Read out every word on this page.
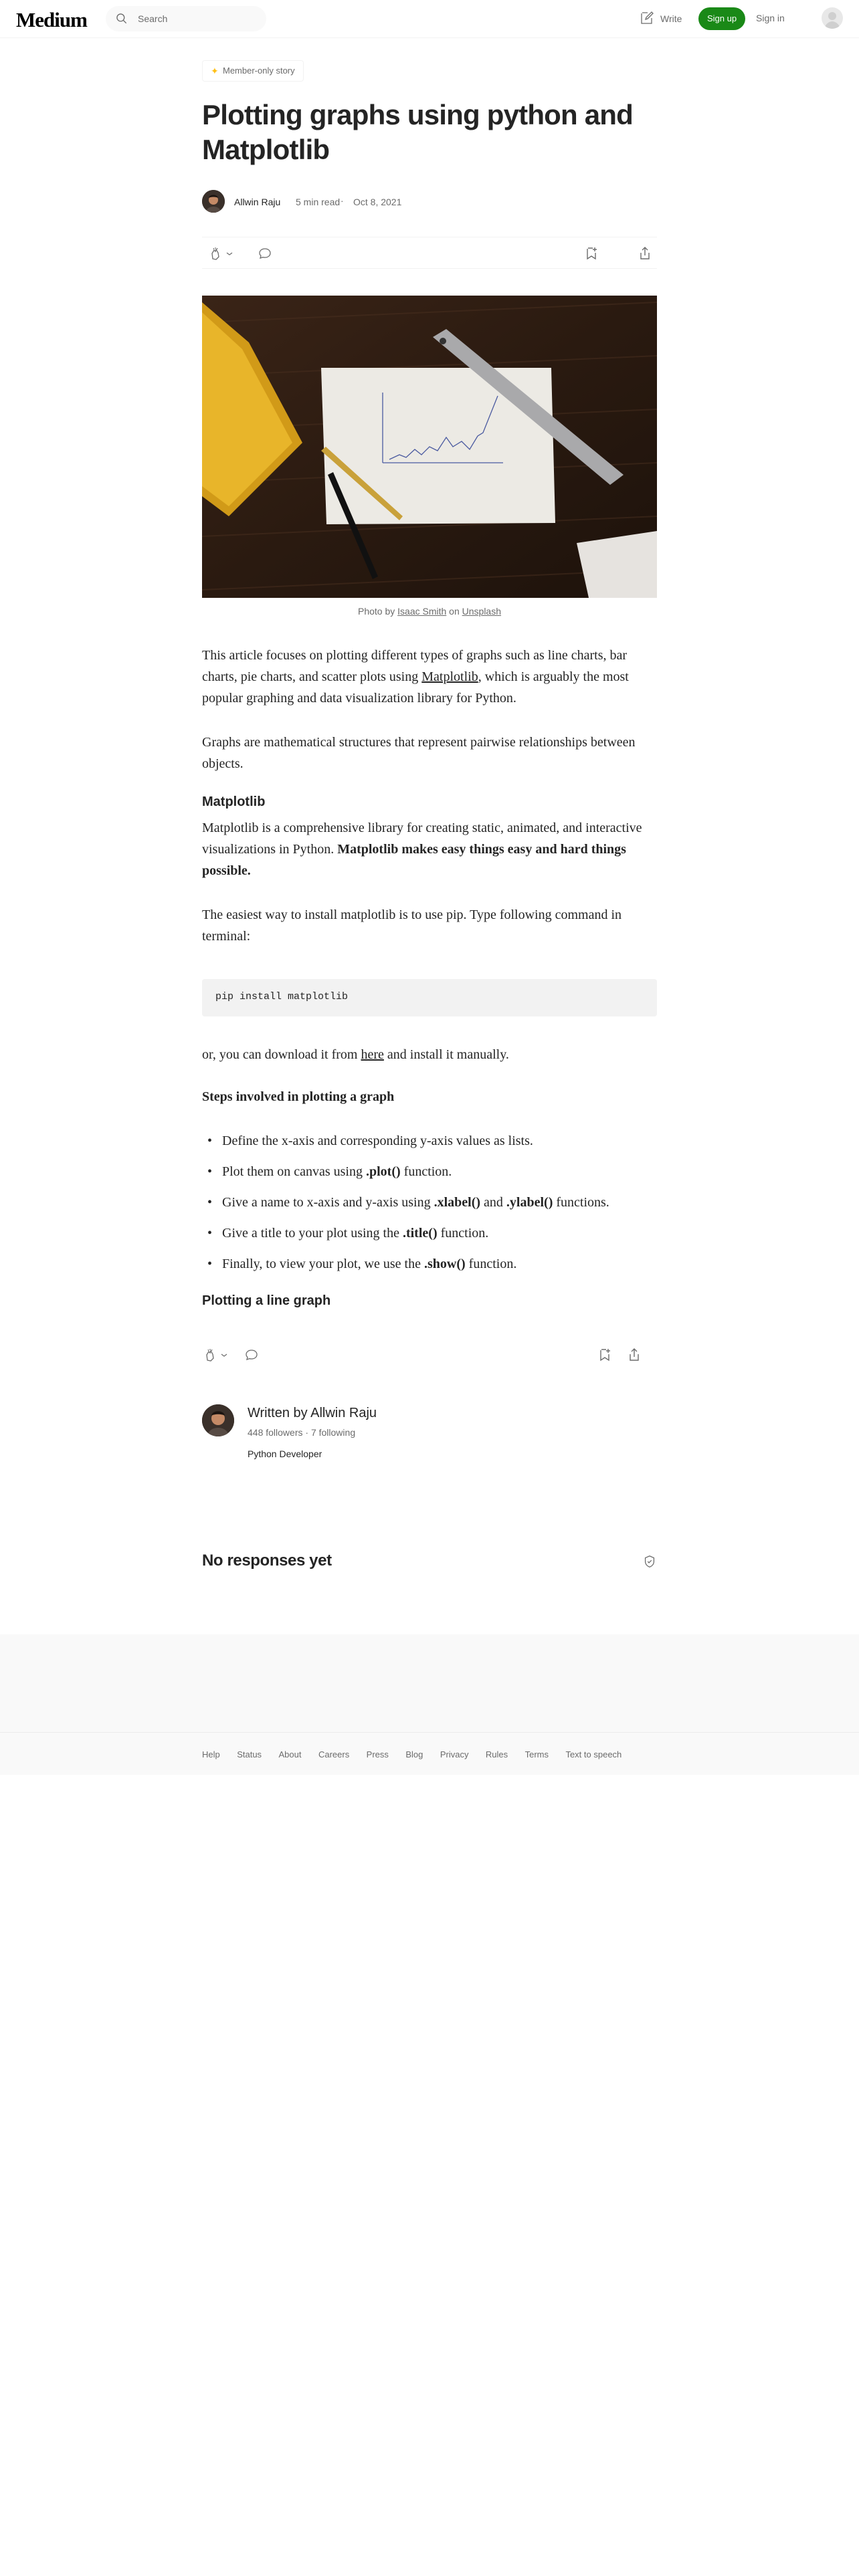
Medium	Search	Write	Sign up	Sign in
✦ Member-only story
Plotting graphs using python and Matplotlib
Allwin Raju 5 min read · Oct 8, 2021
Photo by Isaac Smith on Unsplash

This article focuses on plotting different types of graphs such as line charts, bar charts, pie charts, and scatter plots using Matplotlib, which is arguably the most popular graphing and data visualization library for Python.

Graphs are mathematical structures that represent pairwise relationships between objects.

Matplotlib

Matplotlib is a comprehensive library for creating static, animated, and interactive visualizations in Python. Matplotlib makes easy things easy and hard things possible.

The easiest way to install matplotlib is to use pip. Type following command in terminal:

pip install matplotlib

or, you can download it from here and install it manually.

Steps involved in plotting a graph
• Define the x-axis and corresponding y-axis values as lists.
• Plot them on canvas using .plot() function.
• Give a name to x-axis and y-axis using .xlabel() and .ylabel() functions.
• Give a title to your plot using the .title() function.
• Finally, to view your plot, we use the .show() function.
Plotting a line graph
Written by Allwin Raju
448 followers · 7 following
Python Developer
No responses yet
Help Status About Careers Press Blog Privacy Rules Terms Text to speech
